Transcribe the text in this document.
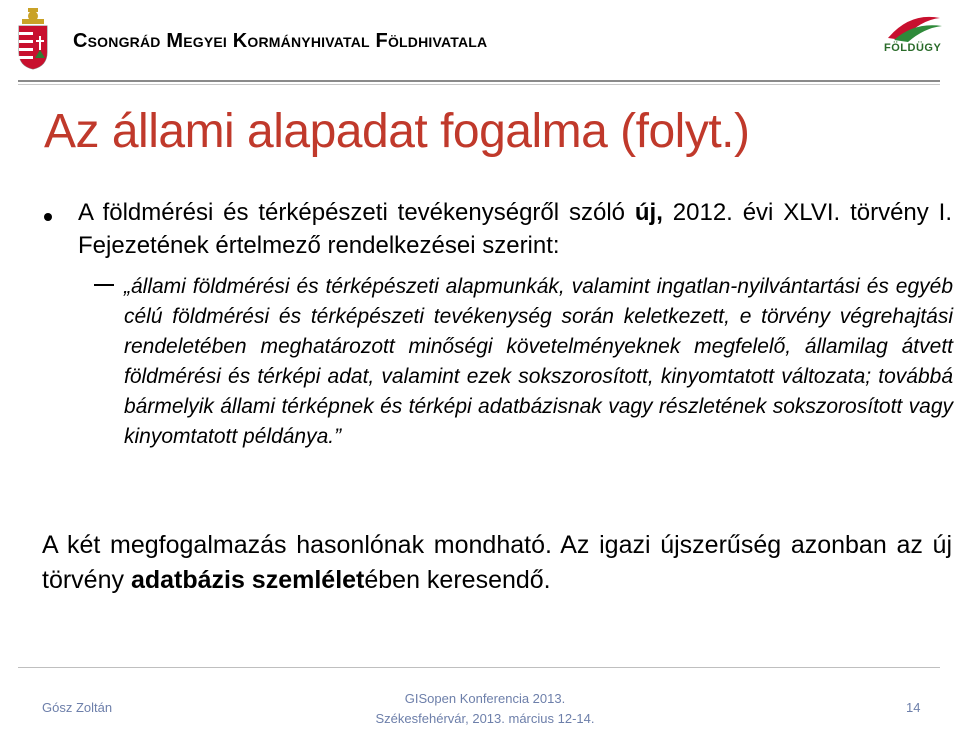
Csongrád Megyei Kormányhivatal Földhivatala	FÖLDÜGY
Az állami alapadat fogalma (folyt.)
A földmérési és térképészeti tevékenységről szóló új, 2012. évi XLVI. törvény I. Fejezetének értelmező rendelkezései szerint:
„állami földmérési és térképészeti alapmunkák, valamint ingatlan-nyilvántartási és egyéb célú földmérési és térképészeti tevékenység során keletkezett, e törvény végrehajtási rendeletében meghatározott minőségi követelményeknek megfelelő, államilag átvett földmérési és térképi adat, valamint ezek sokszorosított, kinyomtatott változata; továbbá bármelyik állami térképnek és térképi adatbázisnak vagy részletének sokszorosított vagy kinyomtatott példánya.”
A két megfogalmazás hasonlónak mondható. Az igazi újszerűség azonban az új törvény adatbázis szemléletében keresendő.
Gósz Zoltán
GISopen Konferencia 2013.
Székesfehérvár, 2013. március 12-14.
14
